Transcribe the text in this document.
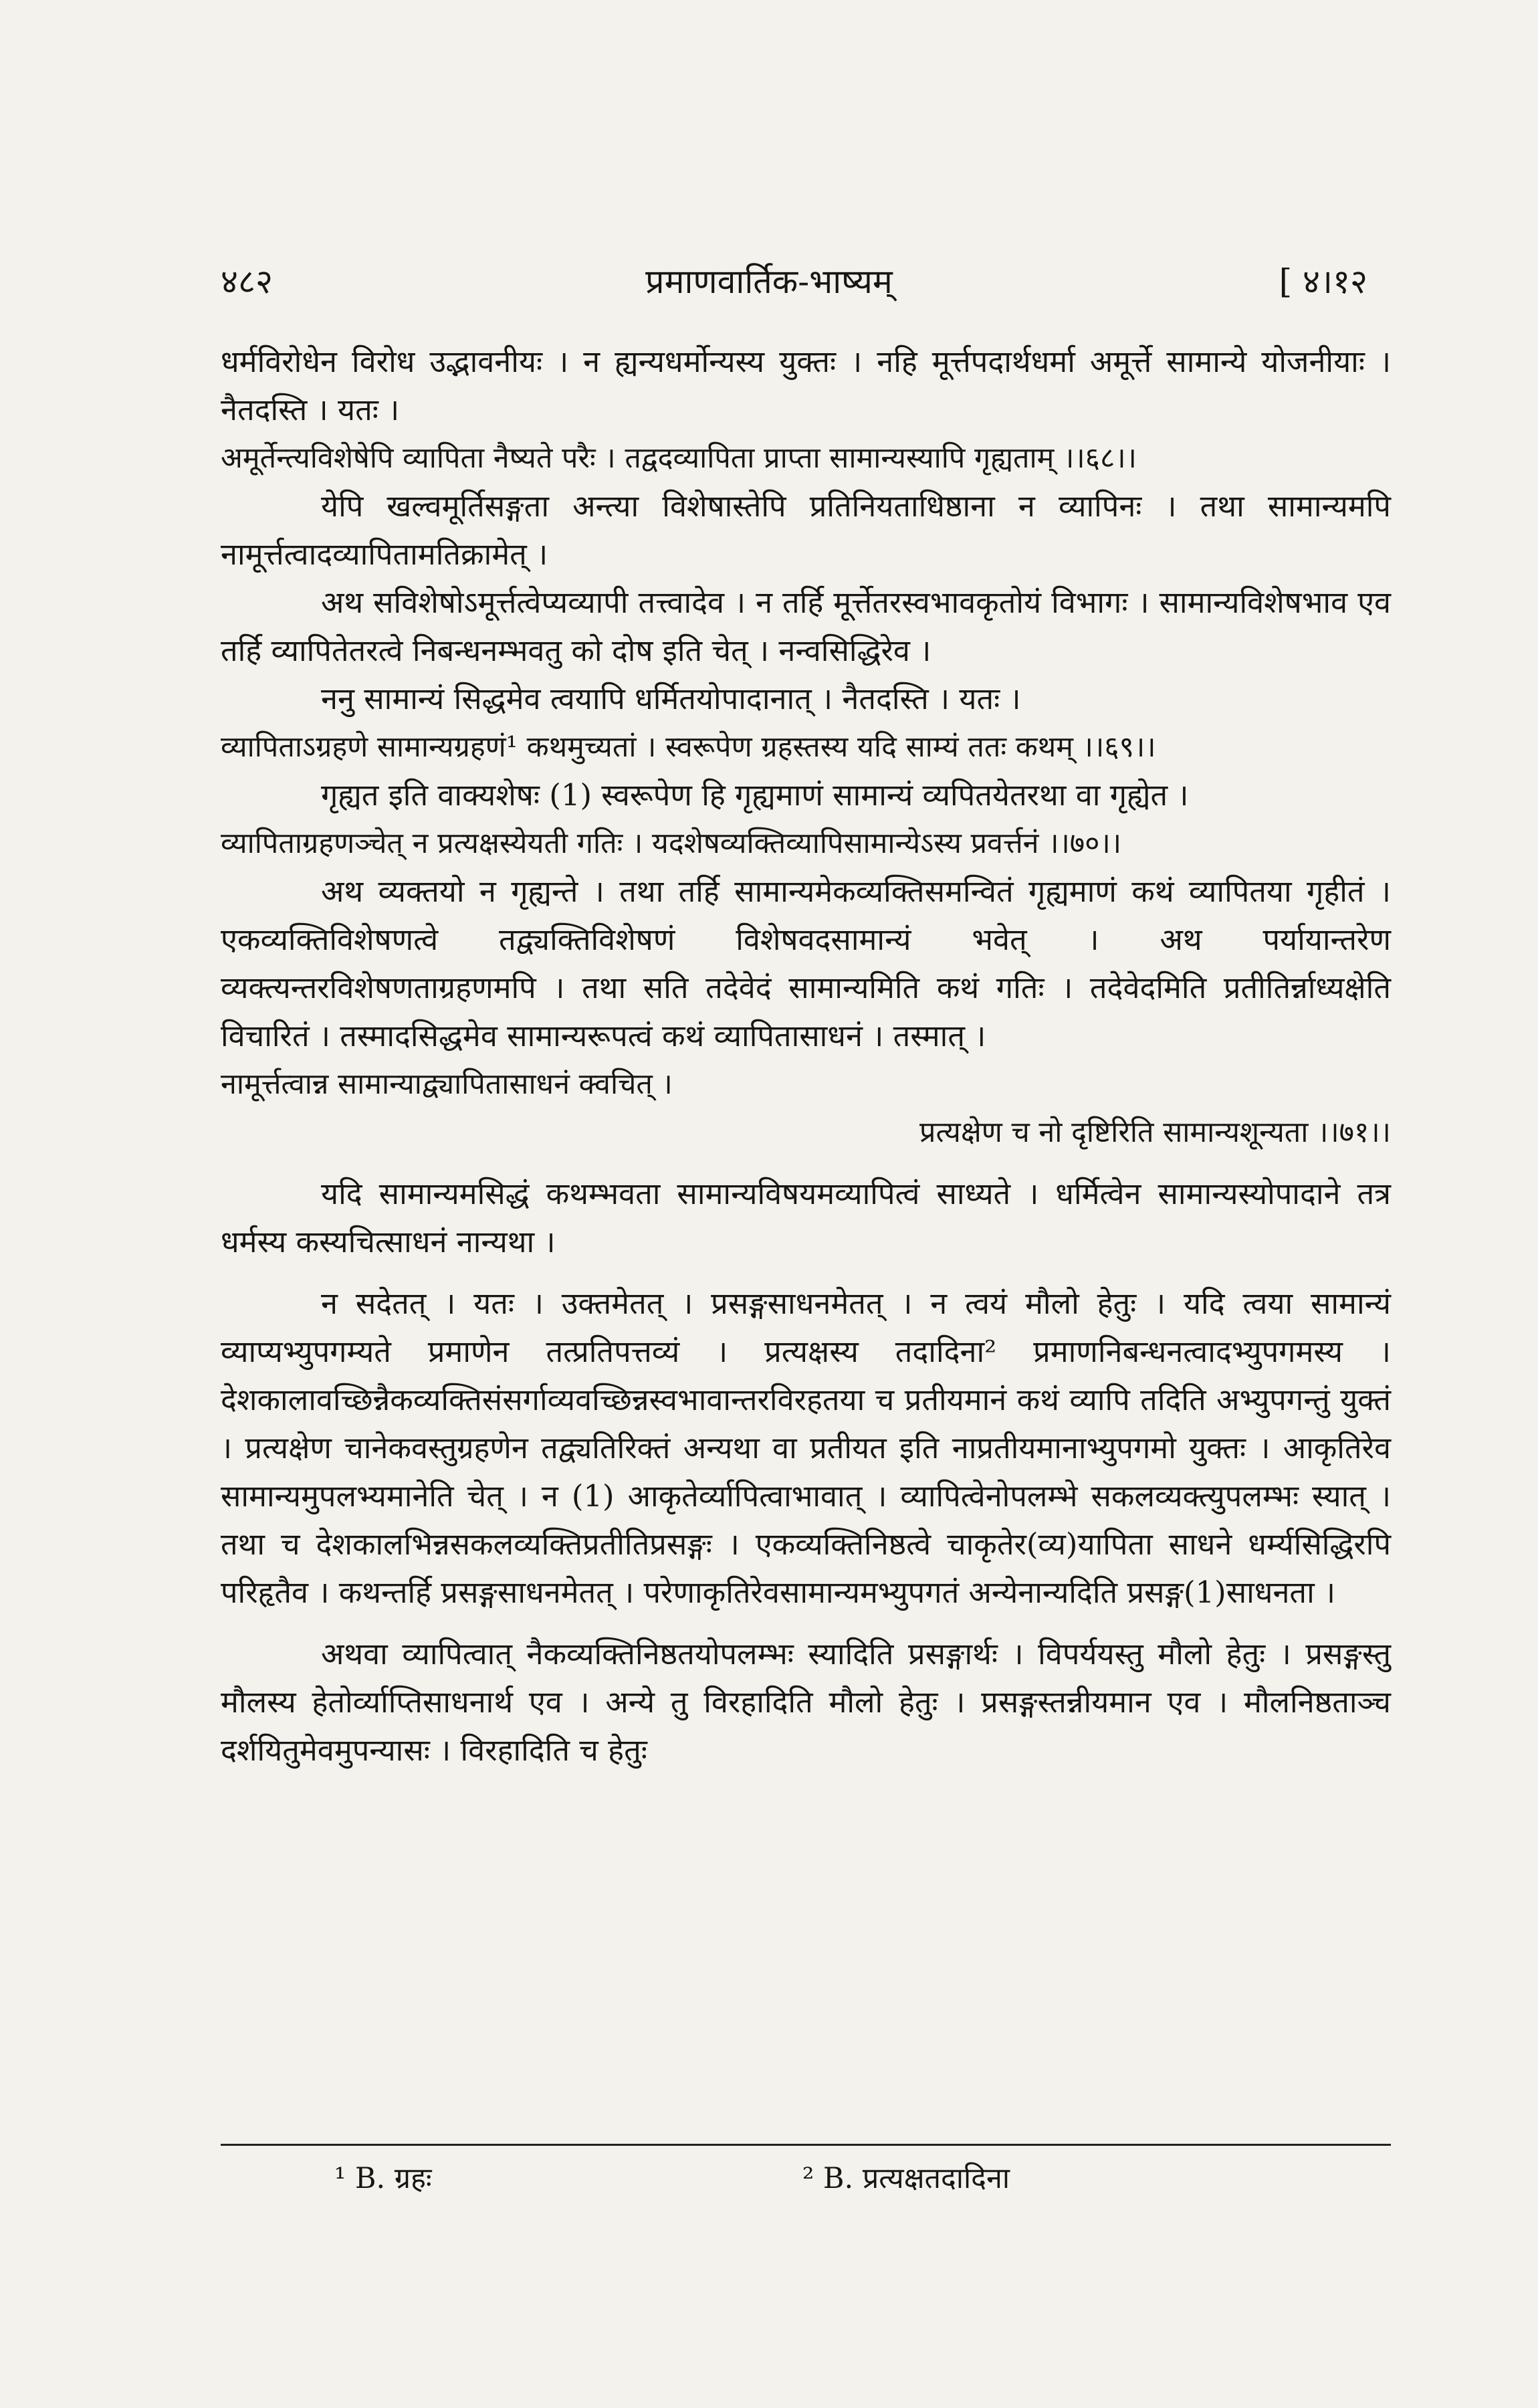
४८२	प्रमाणवार्तिक-भाष्यम्	[ ४।१२

धर्मविरोधेन विरोध उद्भावनीयः । न ह्यन्यधर्मोन्यस्य युक्तः । नहि मूर्त्तपदार्थधर्मा अमूर्त्ते सामान्ये योजनीयाः । नैतदस्ति । यतः ।

अमूर्तेन्त्यविशेषेपि व्यापिता नैष्यते परैः । तद्वदव्यापिता प्राप्ता सामान्यस्यापि गृह्यताम् ।।६८।।

येपि खल्वमूर्तिसङ्गता अन्त्या विशेषास्तेपि प्रतिनियताधिष्ठाना न व्यापिनः । तथा सामान्यमपि नामूर्त्तत्वादव्यापितामतिक्रामेत् ।

अथ सविशेषोऽमूर्त्तत्वेप्यव्यापी तत्त्वादेव । न तर्हि मूर्त्तेतरस्वभावकृतोयं विभागः । सामान्यविशेषभाव एव तर्हि व्यापितेतरत्वे निबन्धनम्भवतु को दोष इति चेत् । नन्वसिद्धिरेव ।

ननु सामान्यं सिद्धमेव त्वयापि धर्मितयोपादानात् । नैतदस्ति । यतः ।

व्यापिताऽग्रहणे सामान्यग्रहणं¹ कथमुच्यतां । स्वरूपेण ग्रहस्तस्य यदि साम्यं ततः कथम् ।।६९।।

गृह्यत इति वाक्यशेषः (1) स्वरूपेण हि गृह्यमाणं सामान्यं व्यपितयेतरथा वा गृह्येत ।

व्यापिताग्रहणञ्चेत् न प्रत्यक्षस्येयती गतिः । यदशेषव्यक्तिव्यापिसामान्येऽस्य प्रवर्त्तनं ।।७०।।

अथ व्यक्तयो न गृह्यन्ते । तथा तर्हि सामान्यमेकव्यक्तिसमन्वितं गृह्यमाणं कथं व्यापितया गृहीतं । एकव्यक्तिविशेषणत्वे तद्व्यक्तिविशेषणं विशेषवदसामान्यं भवेत् । अथ पर्यायान्तरेण व्यक्त्यन्तरविशेषणताग्रहणमपि । तथा सति तदेवेदं सामान्यमिति कथं गतिः । तदेवेदमिति प्रतीतिर्न्नाध्यक्षेति विचारितं । तस्मादसिद्धमेव सामान्यरूपत्वं कथं व्यापितासाधनं । तस्मात् ।

नामूर्त्तत्वान्न सामान्याद्व्यापितासाधनं क्वचित् ।

प्रत्यक्षेण च नो दृष्टिरिति सामान्यशून्यता ।।७१।।

यदि सामान्यमसिद्धं कथम्भवता सामान्यविषयमव्यापित्वं साध्यते । धर्मित्वेन सामान्यस्योपादाने तत्र धर्मस्य कस्यचित्साधनं नान्यथा ।

न सदेतत् । यतः । उक्तमेतत् । प्रसङ्गसाधनमेतत् । न त्वयं मौलो हेतुः । यदि त्वया सामान्यं व्याप्यभ्युपगम्यते प्रमाणेन तत्प्रतिपत्तव्यं । प्रत्यक्षस्य तदादिना² प्रमाणनिबन्धनत्वादभ्युपगमस्य । देशकालावच्छिन्नैकव्यक्तिसंसर्गाव्यवच्छिन्नस्वभावान्तरविरहतया च प्रतीयमानं कथं व्यापि तदिति अभ्युपगन्तुं युक्तं । प्रत्यक्षेण चानेकवस्तुग्रहणेन तद्व्यतिरिक्तं अन्यथा वा प्रतीयत इति नाप्रतीयमानाभ्युपगमो युक्तः । आकृतिरेव सामान्यमुपलभ्यमानेति चेत् । न (1) आकृतेर्व्यापित्वाभावात् । व्यापित्वेनोपलम्भे सकलव्यक्त्युपलम्भः स्यात् । तथा च देशकालभिन्नसकलव्यक्तिप्रतीतिप्रसङ्गः । एकव्यक्तिनिष्ठत्वे चाकृतेर(व्य)यापिता साधने धर्म्यसिद्धिरपि परिहृतैव । कथन्तर्हि प्रसङ्गसाधनमेतत् । परेणाकृतिरेवसामान्यमभ्युपगतं अन्येनान्यदिति प्रसङ्ग(1)साधनता ।

अथवा व्यापित्वात् नैकव्यक्तिनिष्ठतयोपलम्भः स्यादिति प्रसङ्गार्थः । विपर्ययस्तु मौलो हेतुः । प्रसङ्गस्तु मौलस्य हेतोर्व्याप्तिसाधनार्थ एव । अन्ये तु विरहादिति मौलो हेतुः । प्रसङ्गस्तन्नीयमान एव । मौलनिष्ठताञ्च दर्शयितुमेवमुपन्यासः । विरहादिति च हेतुः

¹ B. ग्रहः	² B. प्रत्यक्षतदादिना
